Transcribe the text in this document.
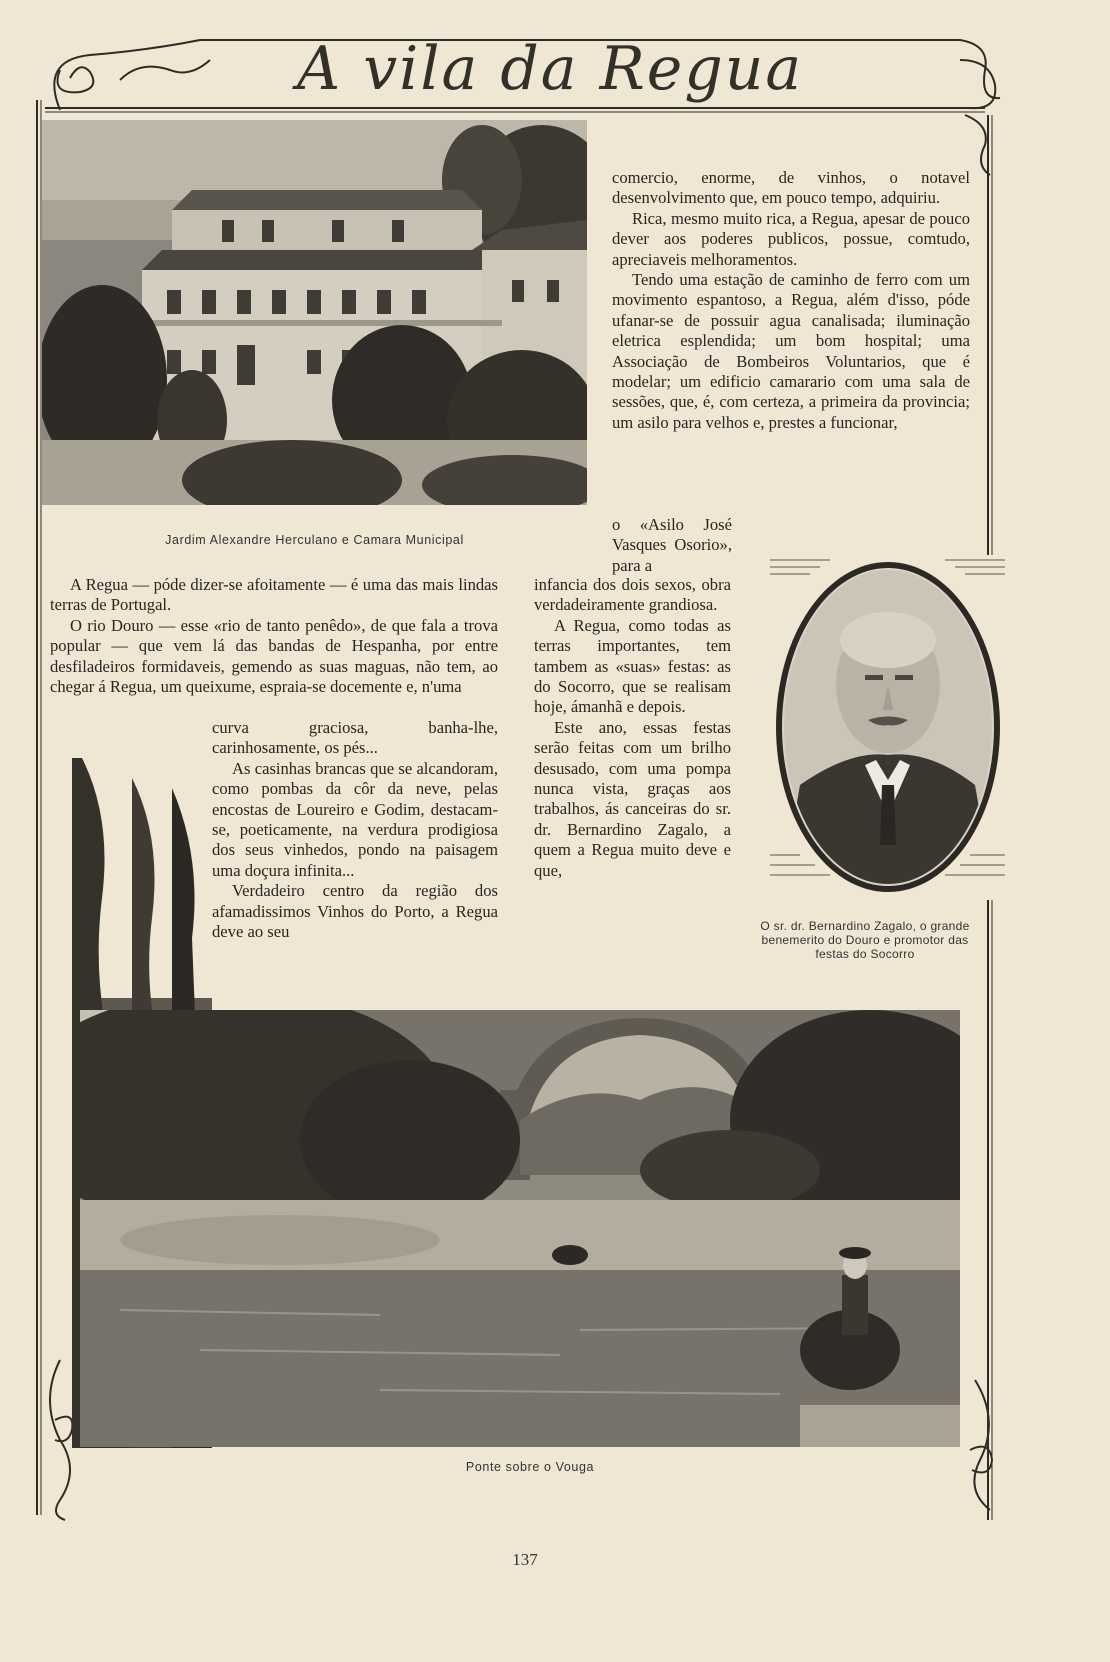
A vila da Regua
Jardim Alexandre Herculano e Camara Municipal

comercio, enorme, de vinhos, o notavel desenvolvimento que, em pouco tempo, adquiriu.

Rica, mesmo muito rica, a Regua, apesar de pouco dever aos poderes publicos, possue, comtudo, apreciaveis melhoramentos.

Tendo uma estação de caminho de ferro com um movimento espantoso, a Regua, além d'isso, póde ufanar-se de possuir agua canalisada; iluminação eletrica esplendida; um bom hospital; uma Associação de Bombeiros Voluntarios, que é modelar; um edificio camarario com uma sala de sessões, que, é, com certeza, a primeira da provincia; um asilo para velhos e, prestes a funcionar,

o «Asilo José Vasques Osorio», para a

O sr. dr. Bernardino Zagalo, o grande benemerito do Douro e promotor das festas do Socorro

A Regua — póde dizer-se afoitamente — é uma das mais lindas terras de Portugal.

O rio Douro — esse «rio de tanto penêdo», de que fala a trova popular — que vem lá das bandas de Hespanha, por entre desfiladeiros formidaveis, gemendo as suas maguas, não tem, ao chegar á Regua, um queixume, espraia-se docemente e, n'uma

curva graciosa, banha-lhe, carinhosamente, os pés...

As casinhas brancas que se alcandoram, como pombas da côr da neve, pelas encostas de Loureiro e Godim, destacam-se, poeticamente, na verdura prodigiosa dos seus vinhedos, pondo na paisagem uma doçura infinita...

Verdadeiro centro da região dos afamadissimos Vinhos do Porto, a Regua deve ao seu

infancia dos dois sexos, obra verdadeiramente grandiosa.

A Regua, como todas as terras importantes, tem tambem as «suas» festas: as do Socorro, que se realisam hoje, ámanhã e depois.

Este ano, essas festas serão feitas com um brilho desusado, com uma pompa nunca vista, graças aos trabalhos, ás canceiras do sr. dr. Bernardino Zagalo, a quem a Regua muito deve e que,

Ponte sobre o Vouga
137
